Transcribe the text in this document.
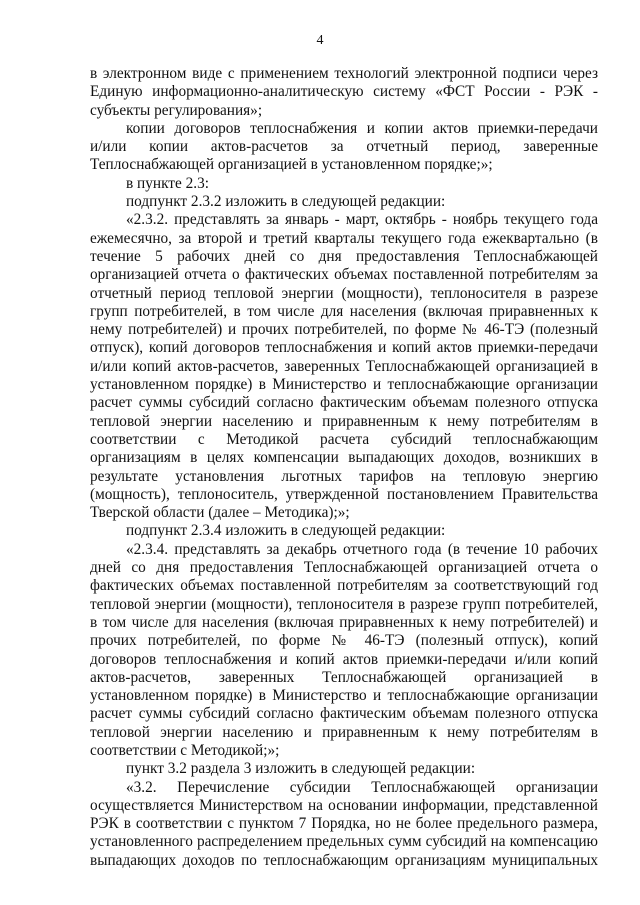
4
в электронном виде с применением технологий электронной подписи через
Единую информационно-аналитическую систему «ФСТ России - РЭК -
субъекты регулирования»;
копии договоров теплоснабжения и копии актов приемки-передачи
и/или копии актов-расчетов за отчетный период, заверенные
Теплоснабжающей организацией в установленном порядке;»;
в пункте 2.3:
подпункт 2.3.2 изложить в следующей редакции:
«2.3.2. представлять за январь - март, октябрь - ноябрь текущего года
ежемесячно, за второй и третий кварталы текущего года ежеквартально (в
течение 5 рабочих дней со дня предоставления Теплоснабжающей
организацией отчета о фактических объемах поставленной потребителям за
отчетный период тепловой энергии (мощности), теплоносителя в разрезе
групп потребителей, в том числе для населения (включая приравненных к
нему потребителей) и прочих потребителей, по форме № 46-ТЭ (полезный
отпуск), копий договоров теплоснабжения и копий актов приемки-передачи
и/или копий актов-расчетов, заверенных Теплоснабжающей организацией в
установленном порядке) в Министерство и теплоснабжающие организации
расчет суммы субсидий согласно фактическим объемам полезного отпуска
тепловой энергии населению и приравненным к нему потребителям в
соответствии с Методикой расчета субсидий теплоснабжающим
организациям в целях компенсации выпадающих доходов, возникших в
результате установления льготных тарифов на тепловую энергию
(мощность), теплоноситель, утвержденной постановлением Правительства
Тверской области (далее – Методика);»;
подпункт 2.3.4 изложить в следующей редакции:
«2.3.4. представлять за декабрь отчетного года (в течение 10 рабочих
дней со дня предоставления Теплоснабжающей организацией отчета о
фактических объемах поставленной потребителям за соответствующий год
тепловой энергии (мощности), теплоносителя в разрезе групп потребителей,
в том числе для населения (включая приравненных к нему потребителей) и
прочих потребителей, по форме № 46-ТЭ (полезный отпуск), копий
договоров теплоснабжения и копий актов приемки-передачи и/или копий
актов-расчетов, заверенных Теплоснабжающей организацией в
установленном порядке) в Министерство и теплоснабжающие организации
расчет суммы субсидий согласно фактическим объемам полезного отпуска
тепловой энергии населению и приравненным к нему потребителям в
соответствии с Методикой;»;
пункт 3.2 раздела 3 изложить в следующей редакции:
«3.2. Перечисление субсидии Теплоснабжающей организации
осуществляется Министерством на основании информации, представленной
РЭК в соответствии с пунктом 7 Порядка, но не более предельного размера,
установленного распределением предельных сумм субсидий на компенсацию
выпадающих доходов по теплоснабжающим организациям муниципальных
